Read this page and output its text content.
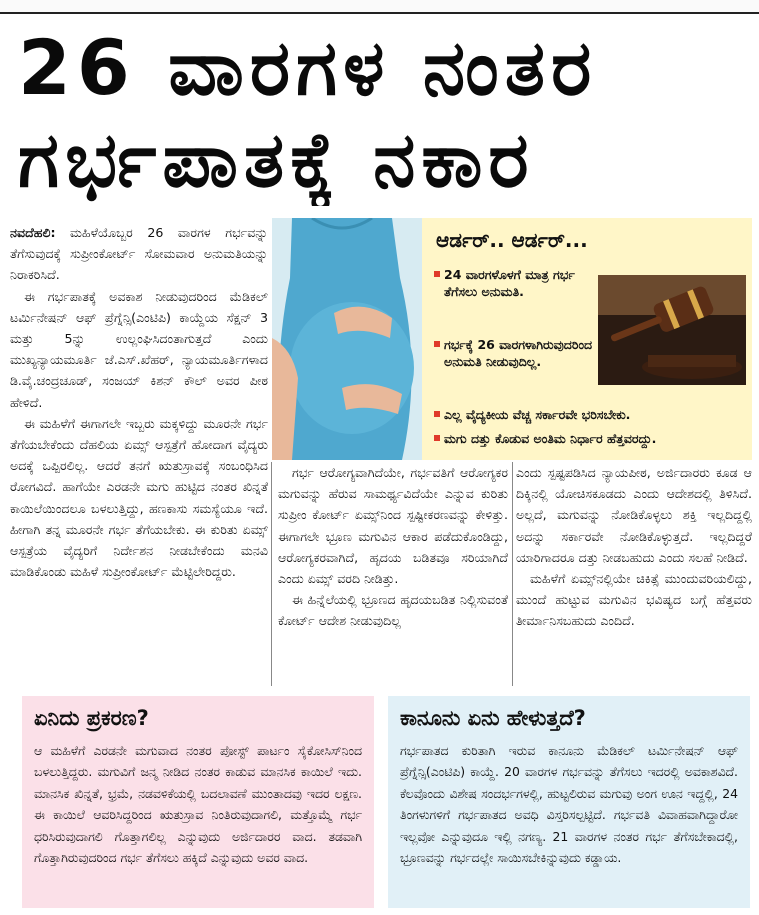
26 ವಾರಗಳ ನಂತರ
ಗರ್ಭಪಾತಕ್ಕೆ ನಕಾರ

ನವದೆಹಲಿ: ಮಹಿಳೆಯೊಬ್ಬರ 26 ವಾರಗಳ ಗರ್ಭವನ್ನು ತೆಗೆಸುವುದಕ್ಕೆ ಸುಪ್ರೀಂಕೋರ್ಟ್ ಸೋಮವಾರ ಅನುಮತಿಯನ್ನು ನಿರಾಕರಿಸಿದೆ.

ಈ ಗರ್ಭಪಾತಕ್ಕೆ ಅವಕಾಶ ನೀಡುವುದರಿಂದ ಮೆಡಿಕಲ್ ಟರ್ಮಿನೇಷನ್ ಆಫ್ ಪ್ರೆಗ್ನೆನ್ಸಿ(ಎಂಟಿಪಿ) ಕಾಯ್ದೆಯ ಸೆಕ್ಷನ್ 3 ಮತ್ತು 5ನ್ನು ಉಲ್ಲಂಘಿಸಿದಂತಾಗುತ್ತದೆ ಎಂದು ಮುಖ್ಯನ್ಯಾಯಮೂರ್ತಿ ಜೆ.ಎಸ್.ಖೆಹರ್, ನ್ಯಾಯಮೂರ್ತಿಗಳಾದ ಡಿ.ವೈ.ಚಂದ್ರಚೂಡ್, ಸಂಜಯ್ ಕಿಶನ್ ಕೌಲ್ ಅವರ ಪೀಠ ಹೇಳಿದೆ.

ಈ ಮಹಿಳೆಗೆ ಈಗಾಗಲೇ ಇಬ್ಬರು ಮಕ್ಕಳಿದ್ದು ಮೂರನೇ ಗರ್ಭ ತೆಗೆಯಬೇಕೆಂದು ದೆಹಲಿಯ ಏಮ್ಸ್ ಆಸ್ಪತ್ರೆಗೆ ಹೋದಾಗ ವೈದ್ಯರು ಅದಕ್ಕೆ ಒಪ್ಪಿರಲಿಲ್ಲ. ಆದರೆ ತನಗೆ ಋತುಸ್ರಾವಕ್ಕೆ ಸಂಬಂಧಿಸಿದ ರೋಗವಿದೆ. ಹಾಗೆಯೇ ಎರಡನೇ ಮಗು ಹುಟ್ಟಿದ ನಂತರ ಖಿನ್ನತೆ ಕಾಯಿಲೆಯಿಂದಲೂ ಬಳಲುತ್ತಿದ್ದು, ಹಣಕಾಸು ಸಮಸ್ಯೆಯೂ ಇದೆ. ಹೀಗಾಗಿ ತನ್ನ ಮೂರನೇ ಗರ್ಭ ತೆಗೆಯಬೇಕು. ಈ ಕುರಿತು ಏಮ್ಸ್ ಆಸ್ಪತ್ರೆಯ ವೈದ್ಯರಿಗೆ ನಿರ್ದೇಶನ ನೀಡಬೇಕೆಂದು ಮನವಿ ಮಾಡಿಕೊಂಡು ಮಹಿಳೆ ಸುಪ್ರೀಂಕೋರ್ಟ್ ಮೆಟ್ಟಿಲೇರಿದ್ದರು.

ಆರ್ಡರ್.. ಆರ್ಡರ್...
24 ವಾರಗಳೊಳಗೆ ಮಾತ್ರ ಗರ್ಭ ತೆಗೆಸಲು ಅನುಮತಿ.
ಗರ್ಭಕ್ಕೆ 26 ವಾರಗಳಾಗಿರುವುದರಿಂದ ಅನುಮತಿ ನೀಡುವುದಿಲ್ಲ.
ಎಲ್ಲ ವೈದ್ಯಕೀಯ ವೆಚ್ಚ ಸರ್ಕಾರವೇ ಭರಿಸಬೇಕು.
ಮಗು ದತ್ತು ಕೊಡುವ ಅಂತಿಮ ನಿರ್ಧಾರ ಹೆತ್ತವರದ್ದು.

ಗರ್ಭ ಆರೋಗ್ಯವಾಗಿದೆಯೇ, ಗರ್ಭವತಿಗೆ ಆರೋಗ್ಯಕರ ಮಗುವನ್ನು ಹೆರುವ ಸಾಮರ್ಥ್ಯವಿದೆಯೇ ಎನ್ನುವ ಕುರಿತು ಸುಪ್ರೀಂ ಕೋರ್ಟ್ ಏಮ್ಸ್‌ನಿಂದ ಸ್ಪಷ್ಟೀಕರಣವನ್ನು ಕೇಳಿತ್ತು. ಈಗಾಗಲೇ ಭ್ರೂಣ ಮಗುವಿನ ಆಕಾರ ಪಡೆದುಕೊಂಡಿದ್ದು, ಆರೋಗ್ಯಕರವಾಗಿದೆ, ಹೃದಯ ಬಡಿತವೂ ಸರಿಯಾಗಿದೆ ಎಂದು ಏಮ್ಸ್ ವರದಿ ನೀಡಿತ್ತು.

ಈ ಹಿನ್ನೆಲೆಯಲ್ಲಿ ಭ್ರೂಣದ ಹೃದಯಬಡಿತ ನಿಲ್ಲಿಸುವಂತೆ ಕೋರ್ಟ್ ಆದೇಶ ನೀಡುವುದಿಲ್ಲ

ಎಂದು ಸ್ಪಷ್ಟಪಡಿಸಿದ ನ್ಯಾಯಪೀಠ, ಅರ್ಜಿದಾರರು ಕೂಡ ಆ ದಿಕ್ಕಿನಲ್ಲಿ ಯೋಚಿಸಕೂಡದು ಎಂದು ಆದೇಶದಲ್ಲಿ ತಿಳಿಸಿದೆ. ಅಲ್ಲದೆ, ಮಗುವನ್ನು ನೋಡಿಕೊಳ್ಳಲು ಶಕ್ತಿ ಇಲ್ಲದಿದ್ದಲ್ಲಿ ಅದನ್ನು ಸರ್ಕಾರವೇ ನೋಡಿಕೊಳ್ಳುತ್ತದೆ. ಇಲ್ಲದಿದ್ದರೆ ಯಾರಿಗಾದರೂ ದತ್ತು ನೀಡಬಹುದು ಎಂದು ಸಲಹೆ ನೀಡಿದೆ.

ಮಹಿಳೆಗೆ ಏಮ್ಸ್‌ನಲ್ಲಿಯೇ ಚಿಕಿತ್ಸೆ ಮುಂದುವರಿಯಲಿದ್ದು, ಮುಂದೆ ಹುಟ್ಟುವ ಮಗುವಿನ ಭವಿಷ್ಯದ ಬಗ್ಗೆ ಹೆತ್ತವರು ತೀರ್ಮಾನಿಸಬಹುದು ಎಂದಿದೆ.

ಏನಿದು ಪ್ರಕರಣ?
ಆ ಮಹಿಳೆಗೆ ಎರಡನೇ ಮಗುವಾದ ನಂತರ ಪೋಸ್ಟ್ ಪಾರ್ಟಂ ಸೈಕೋಸಿಸ್‌ನಿಂದ ಬಳಲುತ್ತಿದ್ದರು. ಮಗುವಿಗೆ ಜನ್ಮ ನೀಡಿದ ನಂತರ ಕಾಡುವ ಮಾನಸಿಕ ಕಾಯಿಲೆ ಇದು. ಮಾನಸಿಕ ಖಿನ್ನತೆ, ಭ್ರಮೆ, ನಡವಳಿಕೆಯಲ್ಲಿ ಬದಲಾವಣೆ ಮುಂತಾದವು ಇದರ ಲಕ್ಷಣ. ಈ ಕಾಯಿಲೆ ಆವರಿಸಿದ್ದರಿಂದ ಋತುಸ್ರಾವ ನಿಂತಿರುವುದಾಗಲಿ, ಮತ್ತೊಮ್ಮೆ ಗರ್ಭ ಧರಿಸಿರುವುದಾಗಲಿ ಗೊತ್ತಾಗಲಿಲ್ಲ ಎನ್ನುವುದು ಅರ್ಜಿದಾರರ ವಾದ. ತಡವಾಗಿ ಗೊತ್ತಾಗಿರುವುದರಿಂದ ಗರ್ಭ ತೆಗೆಸಲು ಹಕ್ಕಿದೆ ಎನ್ನುವುದು ಅವರ ವಾದ.
ಕಾನೂನು ಏನು ಹೇಳುತ್ತದೆ?
ಗರ್ಭಪಾತದ ಕುರಿತಾಗಿ ಇರುವ ಕಾನೂನು ಮೆಡಿಕಲ್ ಟರ್ಮಿನೇಷನ್ ಆಫ್ ಪ್ರೆಗ್ನೆನ್ಸಿ(ಎಂಟಿಪಿ) ಕಾಯ್ದೆ. 20 ವಾರಗಳ ಗರ್ಭವನ್ನು ತೆಗೆಸಲು ಇದರಲ್ಲಿ ಅವಕಾಶವಿದೆ. ಕೆಲವೊಂದು ವಿಶೇಷ ಸಂದರ್ಭಗಳಲ್ಲಿ, ಹುಟ್ಟಲಿರುವ ಮಗುವು ಅಂಗ ಊನ ಇದ್ದಲ್ಲಿ, 24 ತಿಂಗಳುಗಳಿಗೆ ಗರ್ಭಪಾತದ ಅವಧಿ ವಿಸ್ತರಿಸಲ್ಪಟ್ಟಿದೆ. ಗರ್ಭವತಿ ವಿವಾಹವಾಗಿದ್ದಾರೋ ಇಲ್ಲವೋ ಎನ್ನುವುದೂ ಇಲ್ಲಿ ನಗಣ್ಯ. 21 ವಾರಗಳ ನಂತರ ಗರ್ಭ ತೆಗೆಸಬೇಕಾದಲ್ಲಿ, ಭ್ರೂಣವನ್ನು ಗರ್ಭದಲ್ಲೇ ಸಾಯಿಸಬೇಕಿನ್ನುವುದು ಕಡ್ಡಾಯ.
